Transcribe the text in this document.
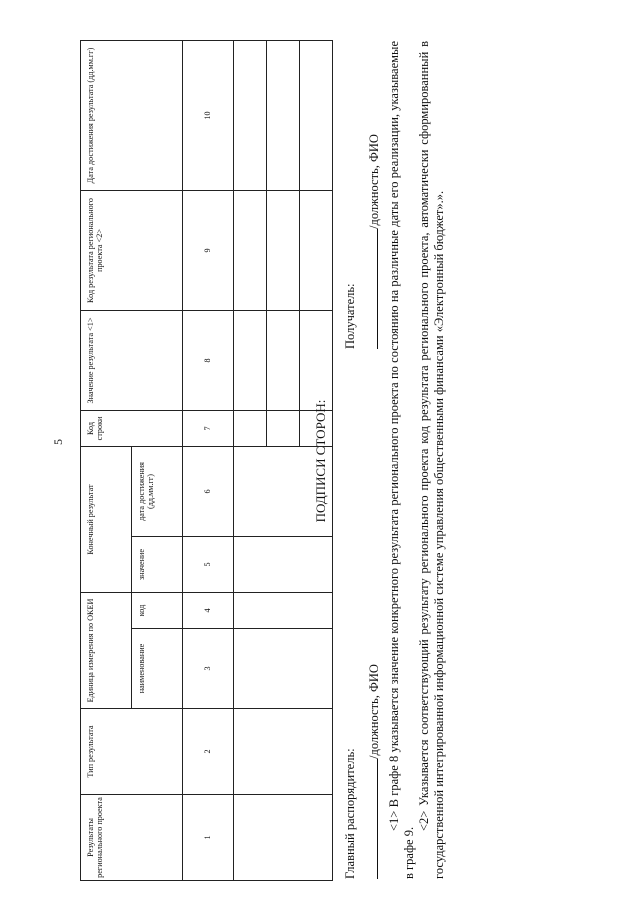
5
Результаты регионального проекта	Тип результата	Единица измерения по ОКЕИ		Конечный результат		Код строки	Значение результата <1>	Код результата регионального проекта <2>	Дата достижения результата (дд.мм.гг)
		наименование	код	значение	дата достижения (дд.мм.гг)				
1	2	3	4	5	6	7	8	9	10

ПОДПИСИ СТОРОН:
Главный распорядитель:
Получатель:
/должность, ФИО
/должность, ФИО <1> В графе 8 указывается значение конкретного результата регионального проекта по состоянию на различные даты его реализации, указываемые в графе 9.

<2> Указывается соответствующий результату регионального проекта код результата регионального проекта, автоматически сформированный в государственной интегрированной информационной системе управления общественными финансами «Электронный бюджет».».
